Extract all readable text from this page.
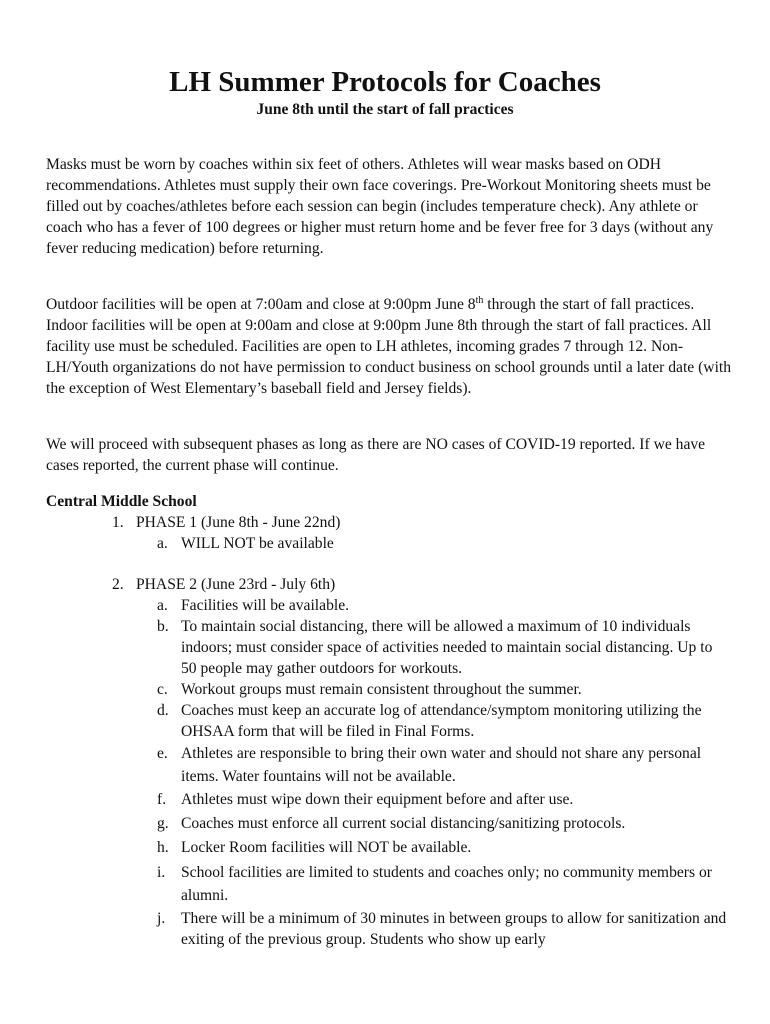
LH Summer Protocols for Coaches
June 8th until the start of fall practices
Masks must be worn by coaches within six feet of others. Athletes will wear masks based on ODH recommendations. Athletes must supply their own face coverings. Pre-Workout Monitoring sheets must be filled out by coaches/athletes before each session can begin (includes temperature check). Any athlete or coach who has a fever of 100 degrees or higher must return home and be fever free for 3 days (without any fever reducing medication) before returning.
Outdoor facilities will be open at 7:00am and close at 9:00pm June 8th through the start of fall practices. Indoor facilities will be open at 9:00am and close at 9:00pm June 8th through the start of fall practices. All facility use must be scheduled. Facilities are open to LH athletes, incoming grades 7 through 12. Non-LH/Youth organizations do not have permission to conduct business on school grounds until a later date (with the exception of West Elementary’s baseball field and Jersey fields).
We will proceed with subsequent phases as long as there are NO cases of COVID-19 reported. If we have cases reported, the current phase will continue.
Central Middle School
1. PHASE 1 (June 8th - June 22nd)
a. WILL NOT be available
2. PHASE 2 (June 23rd - July 6th)
a. Facilities will be available.
b. To maintain social distancing, there will be allowed a maximum of 10 individuals indoors; must consider space of activities needed to maintain social distancing. Up to 50 people may gather outdoors for workouts.
c. Workout groups must remain consistent throughout the summer.
d. Coaches must keep an accurate log of attendance/symptom monitoring utilizing the OHSAA form that will be filed in Final Forms.
e. Athletes are responsible to bring their own water and should not share any personal items. Water fountains will not be available.
f. Athletes must wipe down their equipment before and after use.
g. Coaches must enforce all current social distancing/sanitizing protocols.
h. Locker Room facilities will NOT be available.
i.	School facilities are limited to students and coaches only; no community members or alumni.
j.	There will be a minimum of 30 minutes in between groups to allow for sanitization and exiting of the previous group. Students who show up early
